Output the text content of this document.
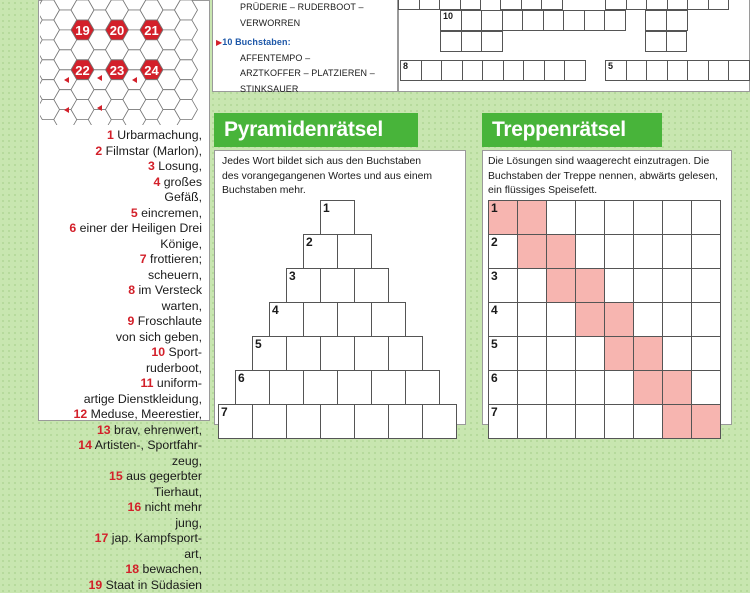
19 20 21
22 23 24
1 Urbarmachung,
2 Filmstar (Marlon),
3 Losung,
4 großes
Gefäß,
5 eincremen,
6 einer der Heiligen Drei
Könige,
7 frottieren;
scheuern,
8 im Versteck
warten,
9 Froschlaute
von sich geben,
10 Sport-
ruderboot,
11 uniform-
artige Dienstkleidung,
12 Meduse, Meerestier,
13 brav, ehrenwert,
14 Artisten-, Sportfahr-
zeug,
15 aus gegerbter
Tierhaut,
16 nicht mehr
jung,
17 jap. Kampfsport-
art,
18 bewachen,
19 Staat in Südasien
PRÜDERIE – RUDERBOOT –
VERWORREN
▶10 Buchstaben:
AFFENTEMPO –
ARZTKOFFER – PLATZIEREN –
STINKSAUER
10
8	5
Pyramidenrätsel
Jedes Wort bildet sich aus den Buchstaben
des vorangegangenen Wortes und aus einem
Buchstaben mehr.
1
2
3
4
5
6
7
Treppenrätsel
Die Lösungen sind waagerecht einzutragen. Die
Buchstaben der Treppe nennen, abwärts gelesen,
ein flüssiges Speisefett.
1
2
3
4
5
6
7
